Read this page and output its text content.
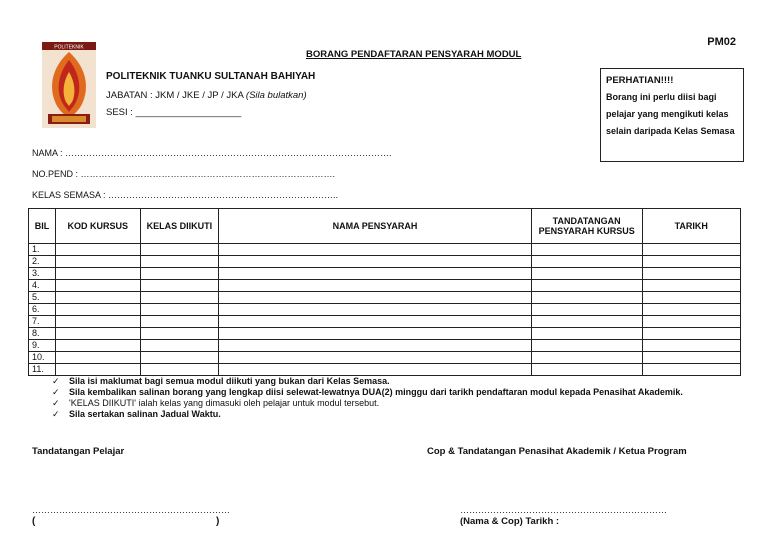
PM02
BORANG PENDAFTARAN PENSYARAH MODUL
POLITEKNIK
POLITEKNIK TUANKU SULTANAH BAHIYAH
JABATAN : JKM / JKE / JP / JKA (Sila bulatkan)
SESI : ____________________
PERHATIAN!!!!
Borang ini perlu diisi bagi pelajar yang mengikuti kelas selain daripada Kelas Semasa
NAMA : ……………………………………………………………………………………………….
NO.PEND : ………………………………………………………………………….
KELAS SEMASA : …………………………………………………………………..
BIL	KOD KURSUS	KELAS DIIKUTI	NAMA PENSYARAH	TANDATANGAN PENSYARAH KURSUS	TARIKH
1.					
2.					
3.					
4.					
5.					
6.					
7.					
8.					
9.					
10.					
11.					
✓ Sila isi maklumat bagi semua modul diikuti yang bukan dari Kelas Semasa.
✓ Sila kembalikan salinan borang yang lengkap diisi selewat-lewatnya DUA(2) minggu dari tarikh pendaftaran modul kepada Penasihat Akademik.
✓ 'KELAS DIIKUTI' ialah kelas yang dimasuki oleh pelajar untuk modul tersebut.
✓ Sila sertakan salinan Jadual Waktu.
Tandatangan Pelajar	Cop & Tandatangan Penasihat Akademik / Ketua Program
…………………………………………………………	……………………………………………………………
(	)	(Nama & Cop) Tarikh :
